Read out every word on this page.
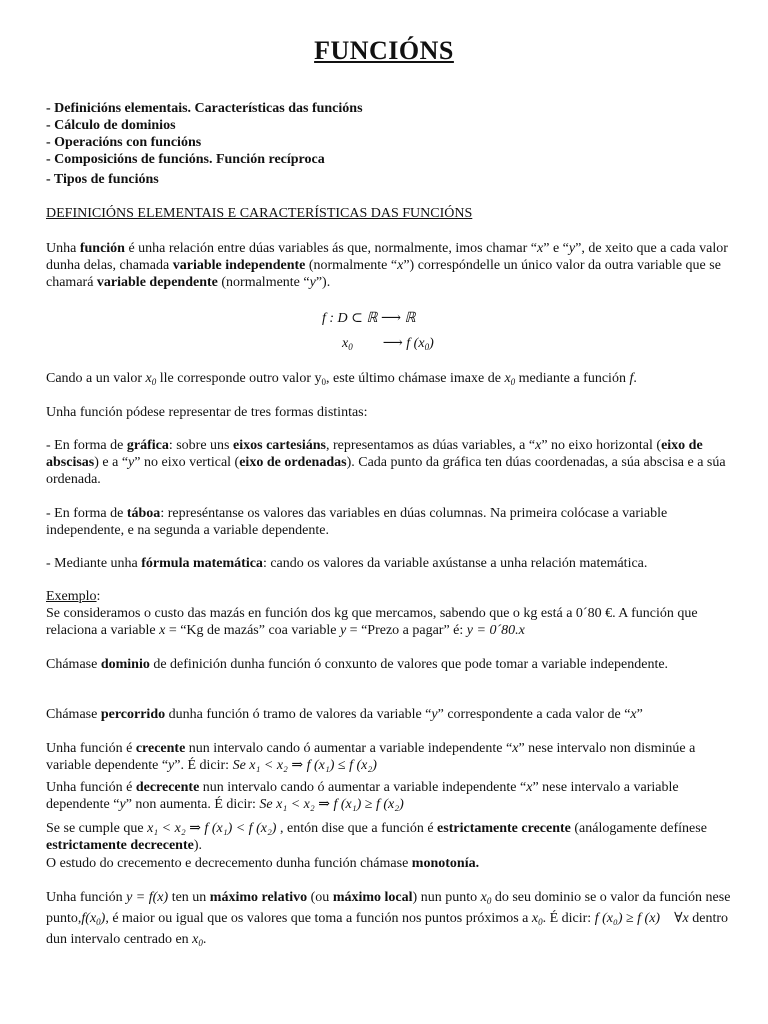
FUNCIÓNS
- Definicións elementais. Características das funcións
- Cálculo de dominios
- Operacións con funcións
- Composicións de funcións. Función recíproca
- Tipos de funcións
DEFINICIÓNS ELEMENTAIS E CARACTERÍSTICAS DAS FUNCIÓNS
Unha función é unha relación entre dúas variables ás que, normalmente, imos chamar “x” e “y”, de xeito que a cada valor dunha delas, chamada variable independente (normalmente “x”) correspóndelle un único valor da outra variable que se chamará variable dependente (normalmente “y”).
f : D ⊂ ℝ ⟶ ℝ
$x_0$ ⟶ f $(x_0)$
Cando a un valor $x_0$ lle corresponde outro valor $y_0$, este último chámase imaxe de $x_0$ mediante a función f.
Unha función pódese representar de tres formas distintas:
- En forma de gráfica: sobre uns eixos cartesiáns, representamos as dúas variables, a “x” no eixo horizontal (eixo de abscisas) e a “y” no eixo vertical (eixo de ordenadas). Cada punto da gráfica ten dúas coordenadas, a súa abscisa e a súa ordenada.
- En forma de táboa: represéntanse os valores das variables en dúas columnas. Na primeira colócase a variable independente, e na segunda a variable dependente.
- Mediante unha fórmula matemática: cando os valores da variable axústanse a unha relación matemática.
Exemplo:
Se consideramos o custo das mazás en función dos kg que mercamos, sabendo que o kg está a 0´80 €. A función que relaciona a variable x = “Kg de mazás” coa variable y = “Prezo a pagar” é: y = 0´80.x
Chámase dominio de definición dunha función ó conxunto de valores que pode tomar a variable independente.
Chámase percorrido dunha función ó tramo de valores da variable “y” correspondente a cada valor de “x”
Unha función é crecente nun intervalo cando ó aumentar a variable independente “x” nese intervalo non disminúe a variable dependente “y”. É dicir: Se x₁ < x₂ ⇒ f (x₁) ≤ f (x₂)
Unha función é decrecente nun intervalo cando ó aumentar a variable independente “x” nese intervalo a variable dependente “y” non aumenta. É dicir: Se x₁ < x₂ ⇒ f (x₁) ≥ f (x₂)
Se se cumple que x₁ < x₂ ⇒ f (x₁) < f (x₂) , entón dise que a función é estrictamente crecente (análogamente defínese estrictamente decrecente).
O estudo do crecemento e decrecemento dunha función chámase monotonía.
Unha función y = f(x) ten un máximo relativo (ou máximo local) nun punto $x_0$ do seu dominio se o valor da función nese $punto,f(x_0)$, é maior ou igual que os valores que toma a función nos puntos próximos a $x_0$. É dicir: f (x₀) ≥ f (x) ∀x dentro dun intervalo centrado en $x_0$.
